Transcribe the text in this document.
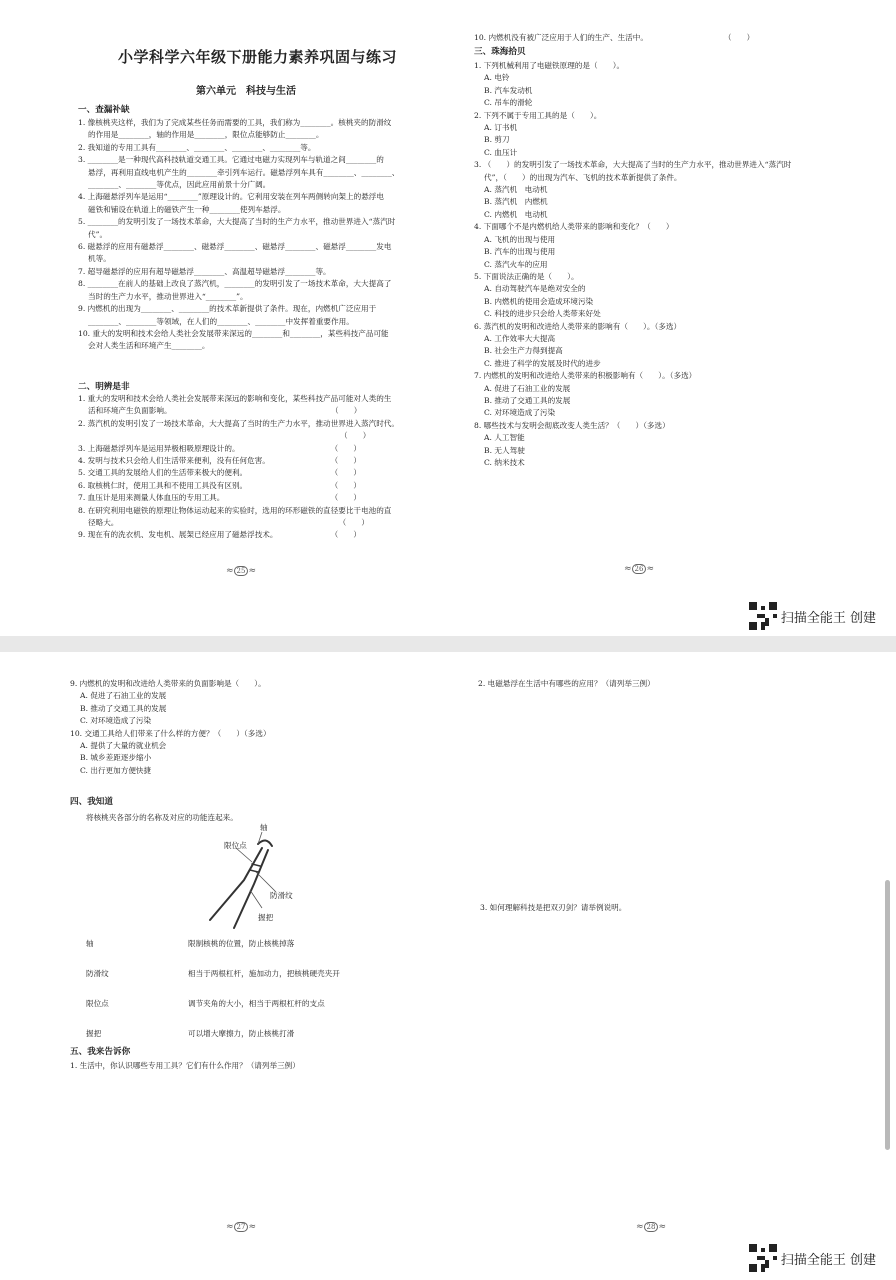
小学科学六年级下册能力素养巩固与练习
第六单元　科技与生活
一、查漏补缺
1. 像核桃夹这样，我们为了完成某些任务而需要的工具，我们称为________。核桃夹的防滑纹
　 的作用是________，轴的作用是________，限位点能够防止________。
2. 我知道的专用工具有________、________、________、________等。
3. ________是一种现代高科技轨道交通工具。它通过电磁力实现列车与轨道之间________的
　 悬浮，再利用直线电机产生的________牵引列车运行。磁悬浮列车具有________、________、
　 ________、________等优点，因此应用前景十分广阔。
4. 上海磁悬浮列车是运用“________”原理设计的。它利用安装在列车两侧转向架上的悬浮电
　 磁铁和铺设在轨道上的磁铁产生一种________使列车悬浮。
5. ________的发明引发了一场技术革命，大大提高了当时的生产力水平，推动世界进入“蒸汽时
　 代”。
6. 磁悬浮的应用有磁悬浮________、磁悬浮________、磁悬浮________、磁悬浮________发电
　 机等。
7. 超导磁悬浮的应用有超导磁悬浮________、高温超导磁悬浮________等。
8. ________在前人的基础上改良了蒸汽机，________的发明引发了一场技术革命，大大提高了
　 当时的生产力水平，推动世界进入“________”。
9. 内燃机的出现为________、________的技术革新提供了条件。现在，内燃机广泛应用于
　 ________、________等领域，在人们的________、________中发挥着重要作用。
10. 重大的发明和技术会给人类社会发展带来深远的________和________，某些科技产品可能
　 会对人类生活和环境产生________。
二、明辨是非
1. 重大的发明和技术会给人类社会发展带来深远的影响和变化，某些科技产品可能对人类的生
　 活和环境产生负面影响。　　　　　　　　　　　　　　　　　　　　　　（　　）
2. 蒸汽机的发明引发了一场技术革命，大大提高了当时的生产力水平，推动世界进入蒸汽时代。
　　　　　　　　　　　　　　　　　　　　　　　　　　　　　　　　　　　（　　）
3. 上海磁悬浮列车是运用异极相吸原理设计的。　　　　　　　　　　　　　（　　）
4. 发明与技术只会给人们生活带来便利，没有任何危害。　　　　　　　　　（　　）
5. 交通工具的发展给人们的生活带来极大的便利。　　　　　　　　　　　　（　　）
6. 取核桃仁时，使用工具和不使用工具没有区别。　　　　　　　　　　　　（　　）
7. 血压计是用来测量人体血压的专用工具。　　　　　　　　　　　　　　　（　　）
8. 在研究利用电磁铁的原理让物体运动起来的实验时，选用的环形磁铁的直径要比干电池的直
　 径略大。　　　　　　　　　　　　　　　　　　　　　　　　　　　　　　（　　）
9. 现在有的洗衣机、发电机、展架已经应用了磁悬浮技术。　　　　　　　　（　　）
≈ 25 ≈
10. 内燃机没有被广泛应用于人们的生产、生活中。　　　　　　　　　　　（　　）
三、珠海拾贝
1. 下列机械利用了电磁铁原理的是（　　）。
　 A. 电铃
　 B. 汽车发动机
　 C. 吊车的滑轮
2. 下列不属于专用工具的是（　　）。
　 A. 订书机
　 B. 剪刀
　 C. 血压计
3. （　　）的发明引发了一场技术革命，大大提高了当时的生产力水平，推动世界进入“蒸汽时
　 代”，（　　）的出现为汽车、飞机的技术革新提供了条件。
　 A. 蒸汽机　电动机
　 B. 蒸汽机　内燃机
　 C. 内燃机　电动机
4. 下面哪个不是内燃机给人类带来的影响和变化？（　　）
　 A. 飞机的出现与使用
　 B. 汽车的出现与使用
　 C. 蒸汽火车的应用
5. 下面说法正确的是（　　）。
　 A. 自动驾驶汽车是绝对安全的
　 B. 内燃机的使用会造成环境污染
　 C. 科技的进步只会给人类带来好处
6. 蒸汽机的发明和改进给人类带来的影响有（　　）。（多选）
　 A. 工作效率大大提高
　 B. 社会生产力得到提高
　 C. 推进了科学的发展及时代的进步
7. 内燃机的发明和改进给人类带来的积极影响有（　　）。（多选）
　 A. 促进了石油工业的发展
　 B. 推动了交通工具的发展
　 C. 对环境造成了污染
8. 哪些技术与发明会彻底改变人类生活？（　　）（多选）
　 A. 人工智能
　 B. 无人驾驶
　 C. 纳米技术
≈ 26 ≈
扫描全能王 创建
9. 内燃机的发明和改进给人类带来的负面影响是（　　）。
　 A. 促进了石油工业的发展
　 B. 推动了交通工具的发展
　 C. 对环境造成了污染
10. 交通工具给人们带来了什么样的方便？（　　）（多选）
　 A. 提供了大量的就业机会
　 B. 城乡差距逐步缩小
　 C. 出行更加方便快捷
四、我知道
将核桃夹各部分的名称及对应的功能连起来。
轴
限位点
防滑纹
握把
轴
防滑纹
限位点
握把
限制核桃的位置，防止核桃掉落
相当于两根杠杆，施加动力，把核桃硬壳夹开
调节夹角的大小，相当于两根杠杆的支点
可以增大摩擦力，防止核桃打滑
五、我来告诉你
1. 生活中，你认识哪些专用工具？它们有什么作用？（请列举三例）
2. 电磁悬浮在生活中有哪些的应用？（请列举三例）
3. 如何理解科技是把双刃剑？请举例说明。
≈ 27 ≈	≈ 28 ≈
扫描全能王 创建
